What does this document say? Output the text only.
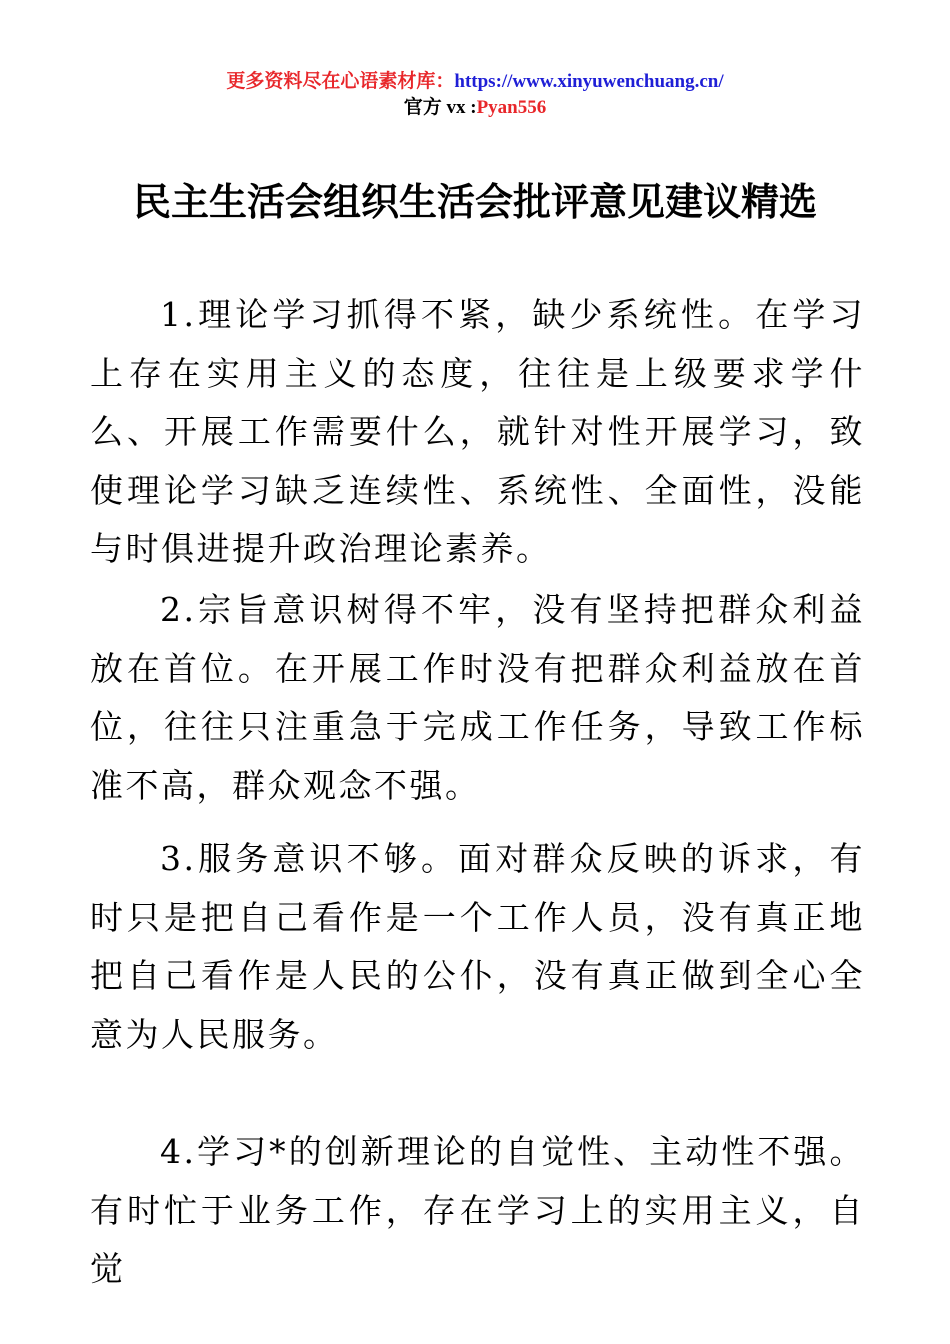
更多资料尽在心语素材库：https://www.xinyuwenchuang.cn/
官方 vx :Pyan556
民主生活会组织生活会批评意见建议精选

1.理论学习抓得不紧，缺少系统性。在学习上存在实用主义的态度，往往是上级要求学什么、开展工作需要什么，就针对性开展学习，致使理论学习缺乏连续性、系统性、全面性，没能与时俱进提升政治理论素养。

2.宗旨意识树得不牢，没有坚持把群众利益放在首位。在开展工作时没有把群众利益放在首位，往往只注重急于完成工作任务，导致工作标准不高，群众观念不强。

3.服务意识不够。面对群众反映的诉求，有时只是把自己看作是一个工作人员，没有真正地把自己看作是人民的公仆，没有真正做到全心全意为人民服务。

4.学习*的创新理论的自觉性、主动性不强。有时忙于业务工作，存在学习上的实用主义，自觉
